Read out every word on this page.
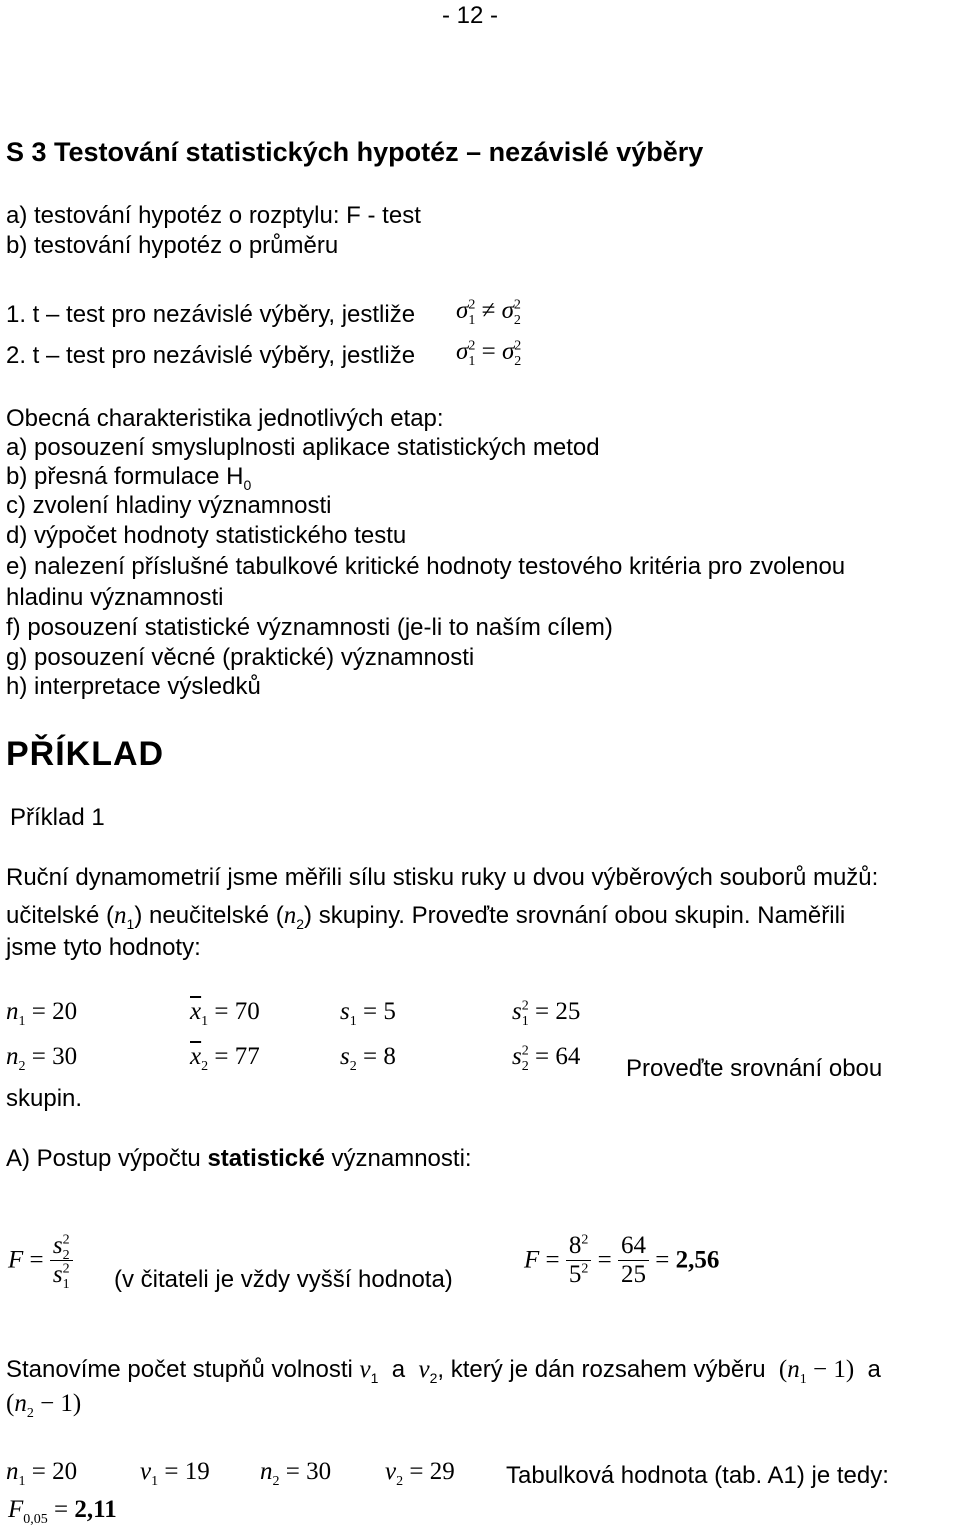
- 12 -
S 3 Testování statistických hypotéz – nezávislé výběry
a) testování hypotéz o rozptylu: F - test
b) testování hypotéz o průměru
1. t – test pro nezávislé výběry, jestliže $\sigma^2_1 \ne \sigma^2_2$
2. t – test pro nezávislé výběry, jestliže $\sigma^2_1 = \sigma^2_2$
Obecná charakteristika jednotlivých etap:
a) posouzení smysluplnosti aplikace statistických metod
b) přesná formulace $H_0$
c) zvolení hladiny významnosti
d) výpočet hodnoty statistického testu
e) nalezení příslušné tabulkové kritické hodnoty testového kritéria pro zvolenou
hladinu významnosti
f) posouzení statistické významnosti (je-li to naším cílem)
g) posouzení věcné (praktické) významnosti
h) interpretace výsledků
PŘÍKLAD
Příklad 1
Ruční dynamometrií jsme měřili sílu stisku ruky u dvou výběrových souborů mužů:
učitelské $(n_1)$ neučitelské $(n_2)$ skupiny. Proveďte srovnání obou skupin. Naměřili
jsme tyto hodnoty:
$n_1 = 20$	$\overline{x}_1 = 70$	$s_1 = 5$	$s^2_1 = 25$
$n_2 = 30$	$\overline{x}_2 = 77$	$s_2 = 8$	$s^2_2 = 64$ Proveďte srovnání obou
skupin.
A) Postup výpočtu statistické významnosti:
$F = \frac{s^2_2}{s^2_1} (v$ čitateli je vždy vyšší hodnota)
$F = \frac{8^2}{5^2} = \frac{64}{25} = 2,56$
Stanovíme počet stupňů volnosti $v_1$ a $v_2$, který je dán rozsahem výběru $(n_1 - 1)$ a
$(n_2 - 1)$
$n_1 = 20$	$v_1 = 19$ $n_2 = 30$ $v_2 = 29$ Tabulková hodnota (tab. A1) je tedy:
$F_{0,05} = 2,11$
